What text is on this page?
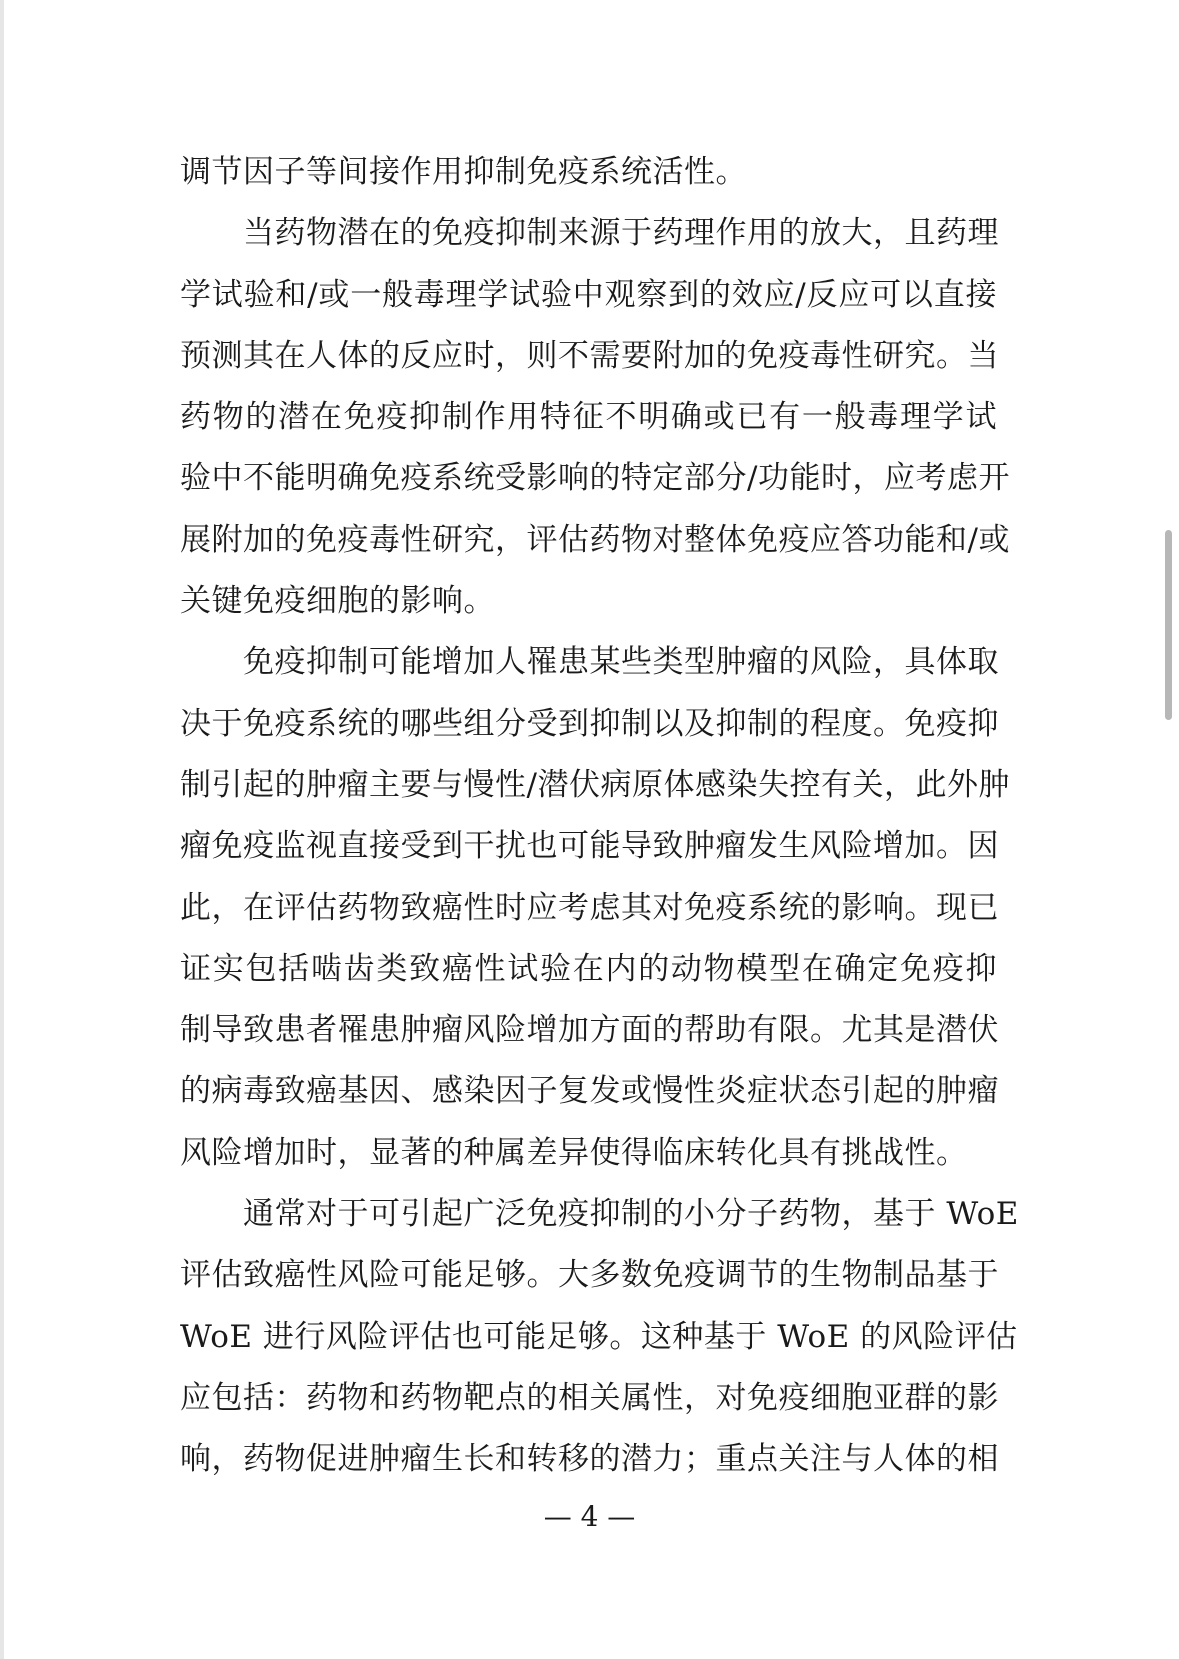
调节因子等间接作用抑制免疫系统活性。
当药物潜在的免疫抑制来源于药理作用的放大，且药理
学试验和/或一般毒理学试验中观察到的效应/反应可以直接
预测其在人体的反应时，则不需要附加的免疫毒性研究。当
药物的潜在免疫抑制作用特征不明确或已有一般毒理学试
验中不能明确免疫系统受影响的特定部分/功能时，应考虑开
展附加的免疫毒性研究，评估药物对整体免疫应答功能和/或
关键免疫细胞的影响。
免疫抑制可能增加人罹患某些类型肿瘤的风险，具体取
决于免疫系统的哪些组分受到抑制以及抑制的程度。免疫抑
制引起的肿瘤主要与慢性/潜伏病原体感染失控有关，此外肿
瘤免疫监视直接受到干扰也可能导致肿瘤发生风险增加。因
此，在评估药物致癌性时应考虑其对免疫系统的影响。现已
证实包括啮齿类致癌性试验在内的动物模型在确定免疫抑
制导致患者罹患肿瘤风险增加方面的帮助有限。尤其是潜伏
的病毒致癌基因、感染因子复发或慢性炎症状态引起的肿瘤
风险增加时，显著的种属差异使得临床转化具有挑战性。
通常对于可引起广泛免疫抑制的小分子药物，基于 WoE
评估致癌性风险可能足够。大多数免疫调节的生物制品基于
WoE 进行风险评估也可能足够。这种基于 WoE 的风险评估
应包括：药物和药物靶点的相关属性，对免疫细胞亚群的影
响，药物促进肿瘤生长和转移的潜力；重点关注与人体的相
— 4 —
